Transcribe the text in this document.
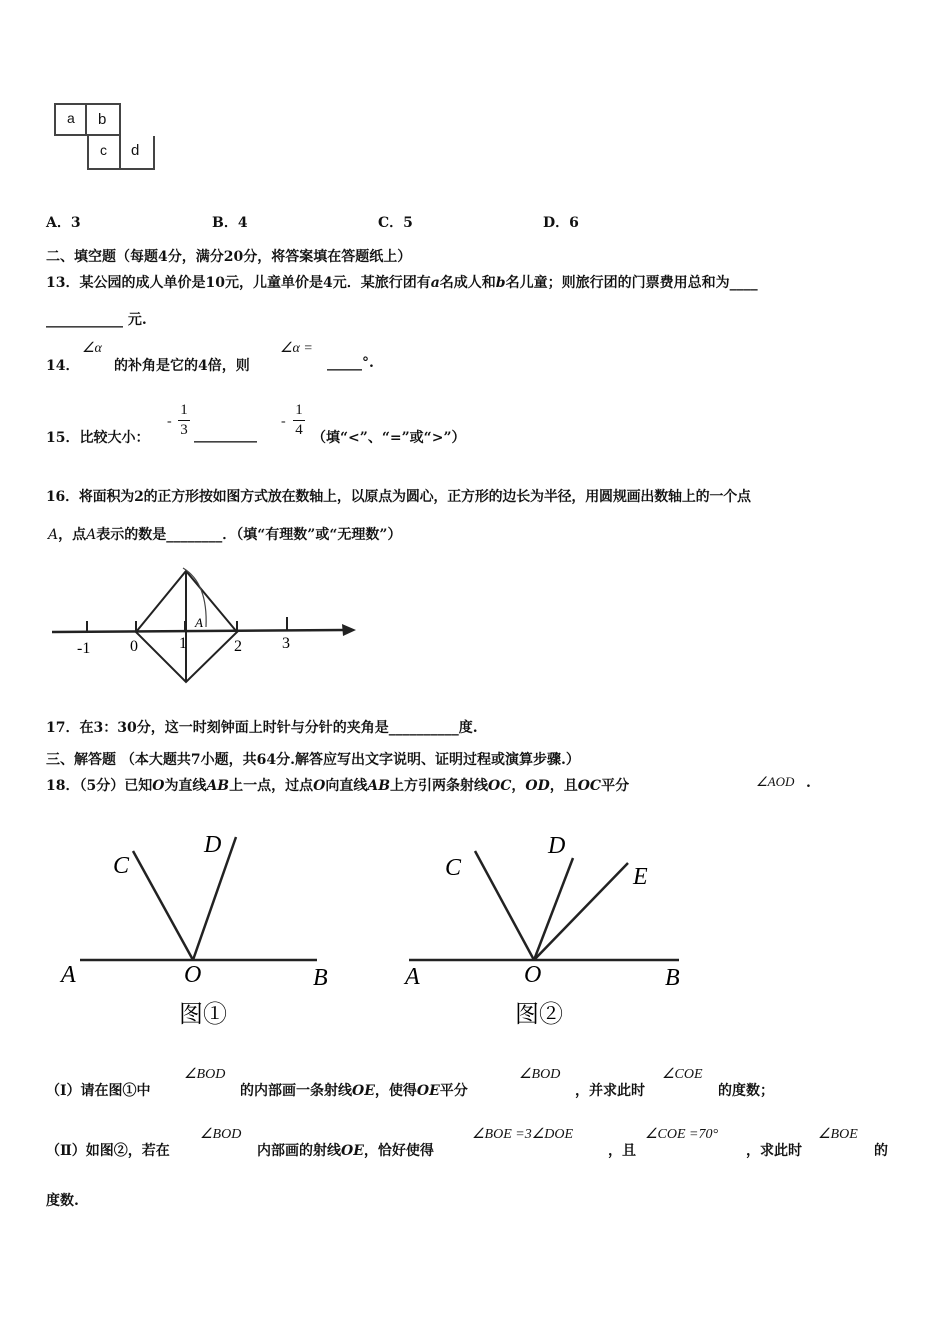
a b
c d
A．3	B．4	C．5	D．6
二、填空题（每题4分，满分20分，将答案填在答题纸上）
13．某公园的成人单价是10元，儿童单价是4元．某旅行团有a名成人和b名儿童；则旅行团的门票费用总和为____
___________ 元.
14．
∠α
的补角是它的4倍，则
∠α =
_____°.
15．比较大小：
-
1
3 _________
-
1
4 （填“<”、“=”或“>”）
16．将面积为2的正方形按如图方式放在数轴上，以原点为圆心，正方形的边长为半径，用圆规画出数轴上的一个点
A，点A表示的数是________．（填“有理数”或“无理数”）
-1 0	1	2	3
A
17．在3：30分，这一时刻钟面上时针与分针的夹角是__________度.
三、解答题 （本大题共7小题，共64分.解答应写出文字说明、证明过程或演算步骤.）
18．（5分）已知O为直线AB上一点，过点O向直线AB上方引两条射线OC，OD，且OC平分	∠AOD .
C
D
A	O	B
图①
C
D
E
A	O	B
图②
（Ⅰ）请在图①中
∠BOD
的内部画一条射线OE，使得OE平分
∠BOD
，并求此时
∠COE
的度数；
（Ⅱ）如图②，若在
∠BOD
内部画的射线OE，恰好使得
∠BOE =3∠DOE
，且
∠COE =70°
，求此时
∠BOE
的
度数.
